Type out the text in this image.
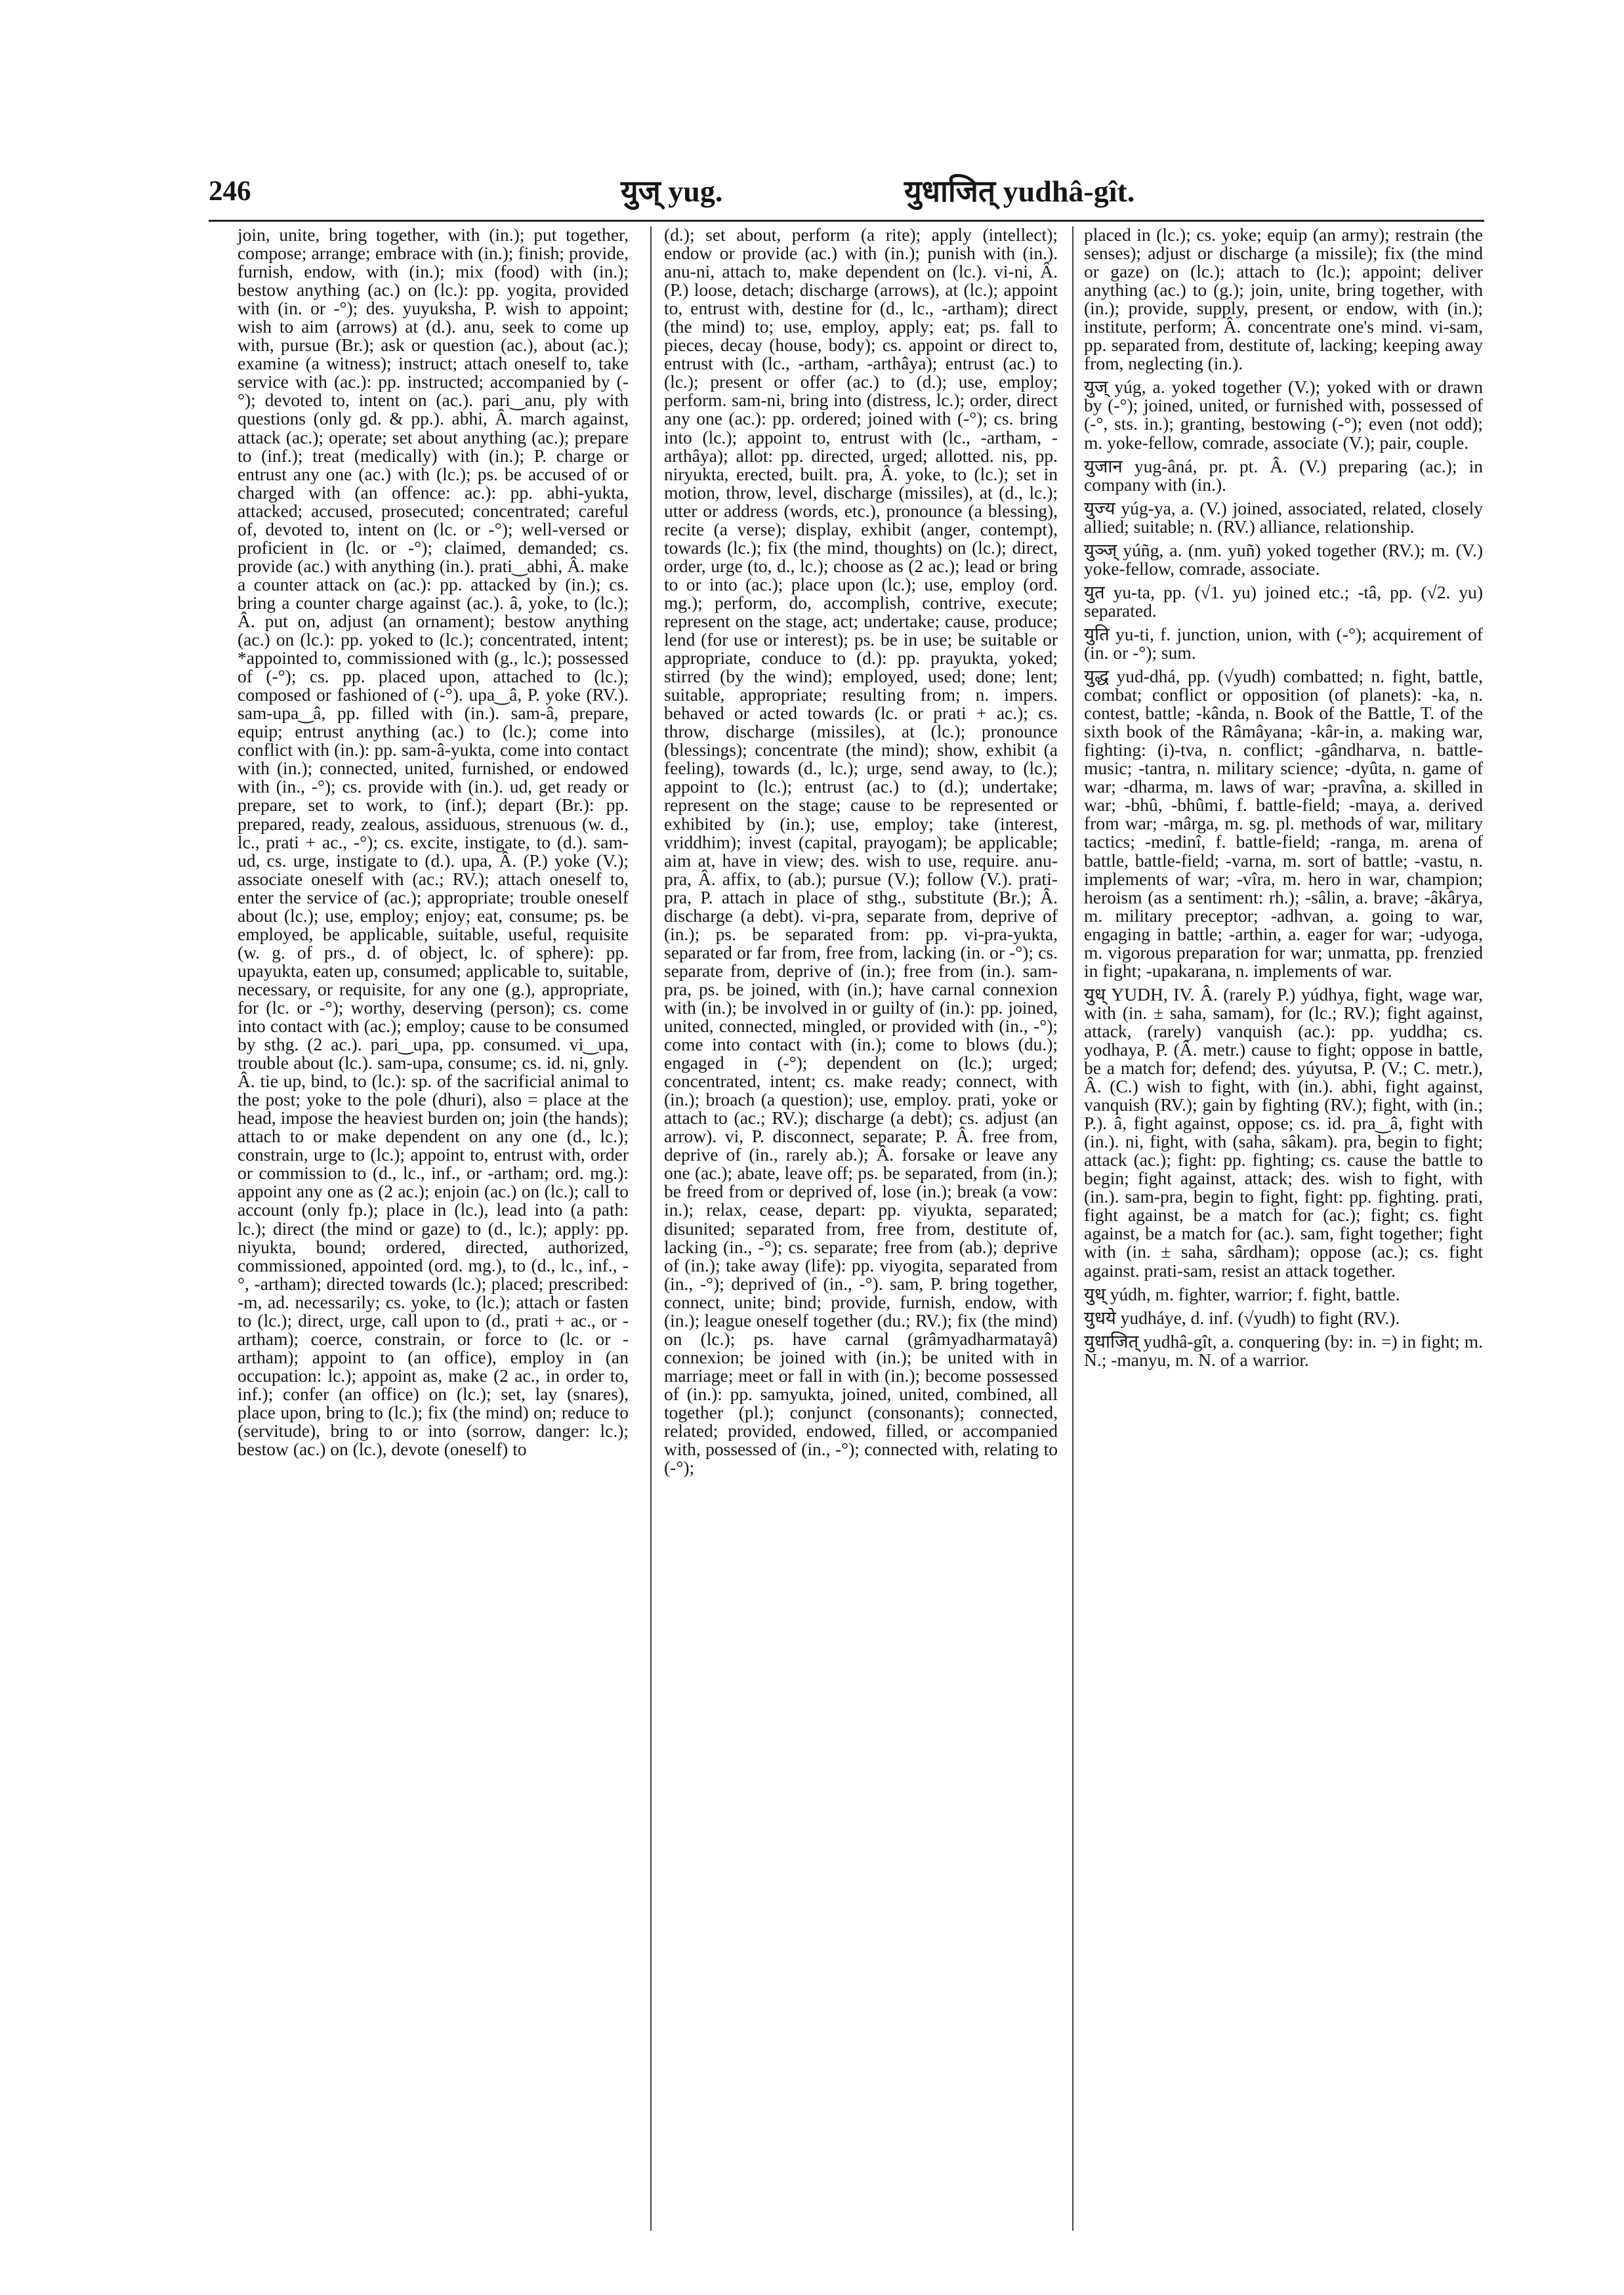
246	युज् yug.	युधाजित् yudhâ-gît.

join, unite, bring together, with (in.); put together, compose; arrange; embrace with (in.); finish; provide, furnish, endow, with (in.); mix (food) with (in.); bestow anything (ac.) on (lc.): pp. yogita, provided with (in. or -°); des. yuyuksha, P. wish to appoint; wish to aim (arrows) at (d.). anu, seek to come up with, pursue (Br.); ask or question (ac.), about (ac.); examine (a witness); instruct; attach oneself to, take service with (ac.): pp. instructed; accompanied by (-°); devoted to, intent on (ac.). pari‿anu, ply with questions (only gd. & pp.). abhi, Â. march against, attack (ac.); operate; set about anything (ac.); prepare to (inf.); treat (medically) with (in.); P. charge or entrust any one (ac.) with (lc.); ps. be accused of or charged with (an offence: ac.): pp. abhi-yukta, attacked; accused, prosecuted; concentrated; careful of, devoted to, intent on (lc. or -°); well-versed or proficient in (lc. or -°); claimed, demanded; cs. provide (ac.) with anything (in.). prati‿abhi, Â. make a counter attack on (ac.): pp. attacked by (in.); cs. bring a counter charge against (ac.). â, yoke, to (lc.); Â. put on, adjust (an ornament); bestow anything (ac.) on (lc.): pp. yoked to (lc.); concentrated, intent; *appointed to, commissioned with (g., lc.); possessed of (-°); cs. pp. placed upon, attached to (lc.); composed or fashioned of (-°). upa‿â, P. yoke (RV.). sam-upa‿â, pp. filled with (in.). sam-â, prepare, equip; entrust anything (ac.) to (lc.); come into conflict with (in.): pp. sam-â-yukta, come into contact with (in.); connected, united, furnished, or endowed with (in., -°); cs. provide with (in.). ud, get ready or prepare, set to work, to (inf.); depart (Br.): pp. prepared, ready, zealous, assiduous, strenuous (w. d., lc., prati + ac., -°); cs. excite, instigate, to (d.). sam-ud, cs. urge, instigate to (d.). upa, Â. (P.) yoke (V.); associate oneself with (ac.; RV.); attach oneself to, enter the service of (ac.); appropriate; trouble oneself about (lc.); use, employ; enjoy; eat, consume; ps. be employed, be applicable, suitable, useful, requisite (w. g. of prs., d. of object, lc. of sphere): pp. upayukta, eaten up, consumed; applicable to, suitable, necessary, or requisite, for any one (g.), appropriate, for (lc. or -°); worthy, deserving (person); cs. come into contact with (ac.); employ; cause to be consumed by sthg. (2 ac.). pari‿upa, pp. consumed. vi‿upa, trouble about (lc.). sam-upa, consume; cs. id. ni, gnly. Â. tie up, bind, to (lc.): sp. of the sacrificial animal to the post; yoke to the pole (dhuri), also = place at the head, impose the heaviest burden on; join (the hands); attach to or make dependent on any one (d., lc.); constrain, urge to (lc.); appoint to, entrust with, order or commission to (d., lc., inf., or -artham; ord. mg.): appoint any one as (2 ac.); enjoin (ac.) on (lc.); call to account (only fp.); place in (lc.), lead into (a path: lc.); direct (the mind or gaze) to (d., lc.); apply: pp. niyukta, bound; ordered, directed, authorized, commissioned, appointed (ord. mg.), to (d., lc., inf., -°, -artham); directed towards (lc.); placed; prescribed: -m, ad. necessarily; cs. yoke, to (lc.); attach or fasten to (lc.); direct, urge, call upon to (d., prati + ac., or -artham); coerce, constrain, or force to (lc. or -artham); appoint to (an office), employ in (an occupation: lc.); appoint as, make (2 ac., in order to, inf.); confer (an office) on (lc.); set, lay (snares), place upon, bring to (lc.); fix (the mind) on; reduce to (servitude), bring to or into (sorrow, danger: lc.); bestow (ac.) on (lc.), devote (oneself) to

(d.); set about, perform (a rite); apply (intellect); endow or provide (ac.) with (in.); punish with (in.). anu-ni, attach to, make dependent on (lc.). vi-ni, Â. (P.) loose, detach; discharge (arrows), at (lc.); appoint to, entrust with, destine for (d., lc., -artham); direct (the mind) to; use, employ, apply; eat; ps. fall to pieces, decay (house, body); cs. appoint or direct to, entrust with (lc., -artham, -arthâya); entrust (ac.) to (lc.); present or offer (ac.) to (d.); use, employ; perform. sam-ni, bring into (distress, lc.); order, direct any one (ac.): pp. ordered; joined with (-°); cs. bring into (lc.); appoint to, entrust with (lc., -artham, -arthâya); allot: pp. directed, urged; allotted. nis, pp. niryukta, erected, built. pra, Â. yoke, to (lc.); set in motion, throw, level, discharge (missiles), at (d., lc.); utter or address (words, etc.), pronounce (a blessing), recite (a verse); display, exhibit (anger, contempt), towards (lc.); fix (the mind, thoughts) on (lc.); direct, order, urge (to, d., lc.); choose as (2 ac.); lead or bring to or into (ac.); place upon (lc.); use, employ (ord. mg.); perform, do, accomplish, contrive, execute; represent on the stage, act; undertake; cause, produce; lend (for use or interest); ps. be in use; be suitable or appropriate, conduce to (d.): pp. prayukta, yoked; stirred (by the wind); employed, used; done; lent; suitable, appropriate; resulting from; n. impers. behaved or acted towards (lc. or prati + ac.); cs. throw, discharge (missiles), at (lc.); pronounce (blessings); concentrate (the mind); show, exhibit (a feeling), towards (d., lc.); urge, send away, to (lc.); appoint to (lc.); entrust (ac.) to (d.); undertake; represent on the stage; cause to be represented or exhibited by (in.); use, employ; take (interest, vriddhim); invest (capital, prayogam); be applicable; aim at, have in view; des. wish to use, require. anu-pra, Â. affix, to (ab.); pursue (V.); follow (V.). prati-pra, P. attach in place of sthg., substitute (Br.); Â. discharge (a debt). vi-pra, separate from, deprive of (in.); ps. be separated from: pp. vi-pra-yukta, separated or far from, free from, lacking (in. or -°); cs. separate from, deprive of (in.); free from (in.). sam-pra, ps. be joined, with (in.); have carnal connexion with (in.); be involved in or guilty of (in.): pp. joined, united, connected, mingled, or provided with (in., -°); come into contact with (in.); come to blows (du.); engaged in (-°); dependent on (lc.); urged; concentrated, intent; cs. make ready; connect, with (in.); broach (a question); use, employ. prati, yoke or attach to (ac.; RV.); discharge (a debt); cs. adjust (an arrow). vi, P. disconnect, separate; P. Â. free from, deprive of (in., rarely ab.); Â. forsake or leave any one (ac.); abate, leave off; ps. be separated, from (in.); be freed from or deprived of, lose (in.); break (a vow: in.); relax, cease, depart: pp. viyukta, separated; disunited; separated from, free from, destitute of, lacking (in., -°); cs. separate; free from (ab.); deprive of (in.); take away (life): pp. viyogita, separated from (in., -°); deprived of (in., -°). sam, P. bring together, connect, unite; bind; provide, furnish, endow, with (in.); league oneself together (du.; RV.); fix (the mind) on (lc.); ps. have carnal (grâmyadharmatayâ) connexion; be joined with (in.); be united with in marriage; meet or fall in with (in.); become possessed of (in.): pp. samyukta, joined, united, combined, all together (pl.); conjunct (consonants); connected, related; provided, endowed, filled, or accompanied with, possessed of (in., -°); connected with, relating to (-°);

placed in (lc.); cs. yoke; equip (an army); restrain (the senses); adjust or discharge (a missile); fix (the mind or gaze) on (lc.); attach to (lc.); appoint; deliver anything (ac.) to (g.); join, unite, bring together, with (in.); provide, supply, present, or endow, with (in.); institute, perform; Â. concentrate one's mind. vi-sam, pp. separated from, destitute of, lacking; keeping away from, neglecting (in.).

युज् yúg, a. yoked together (V.); yoked with or drawn by (-°); joined, united, or furnished with, possessed of (-°, sts. in.); granting, bestowing (-°); even (not odd); m. yoke-fellow, comrade, associate (V.); pair, couple.

युजान yug-âná, pr. pt. Â. (V.) preparing (ac.); in company with (in.).

युज्य yúg-ya, a. (V.) joined, associated, related, closely allied; suitable; n. (RV.) alliance, relationship.

युञ्ज् yúñg, a. (nm. yuñ) yoked together (RV.); m. (V.) yoke-fellow, comrade, associate.

युत yu-ta, pp. (√1. yu) joined etc.; -tâ, pp. (√2. yu) separated.

युति yu-ti, f. junction, union, with (-°); acquirement of (in. or -°); sum.

युद्ध yud-dhá, pp. (√yudh) combatted; n. fight, battle, combat; conflict or opposition (of planets): -ka, n. contest, battle; -kânda, n. Book of the Battle, T. of the sixth book of the Râmâyana; -kâr-in, a. making war, fighting: (i)-tva, n. conflict; -gândharva, n. battle-music; -tantra, n. military science; -dyûta, n. game of war; -dharma, m. laws of war; -pravîna, a. skilled in war; -bhû, -bhûmi, f. battle-field; -maya, a. derived from war; -mârga, m. sg. pl. methods of war, military tactics; -medinî, f. battle-field; -ranga, m. arena of battle, battle-field; -varna, m. sort of battle; -vastu, n. implements of war; -vîra, m. hero in war, champion; heroism (as a sentiment: rh.); -sâlin, a. brave; -âkârya, m. military preceptor; -adhvan, a. going to war, engaging in battle; -arthin, a. eager for war; -udyoga, m. vigorous preparation for war; unmatta, pp. frenzied in fight; -upakarana, n. implements of war.

युध् YUDH, IV. Â. (rarely P.) yúdhya, fight, wage war, with (in. ± saha, samam), for (lc.; RV.); fight against, attack, (rarely) vanquish (ac.): pp. yuddha; cs. yodhaya, P. (Â. metr.) cause to fight; oppose in battle, be a match for; defend; des. yúyutsa, P. (V.; C. metr.), Â. (C.) wish to fight, with (in.). abhi, fight against, vanquish (RV.); gain by fighting (RV.); fight, with (in.; P.). â, fight against, oppose; cs. id. pra‿â, fight with (in.). ni, fight, with (saha, sâkam). pra, begin to fight; attack (ac.); fight: pp. fighting; cs. cause the battle to begin; fight against, attack; des. wish to fight, with (in.). sam-pra, begin to fight, fight: pp. fighting. prati, fight against, be a match for (ac.); fight; cs. fight against, be a match for (ac.). sam, fight together; fight with (in. ± saha, sârdham); oppose (ac.); cs. fight against. prati-sam, resist an attack together.

युध् yúdh, m. fighter, warrior; f. fight, battle.

युधये yudháye, d. inf. (√yudh) to fight (RV.).

युधाजित् yudhâ-gît, a. conquering (by: in. =) in fight; m. N.; -manyu, m. N. of a warrior.
